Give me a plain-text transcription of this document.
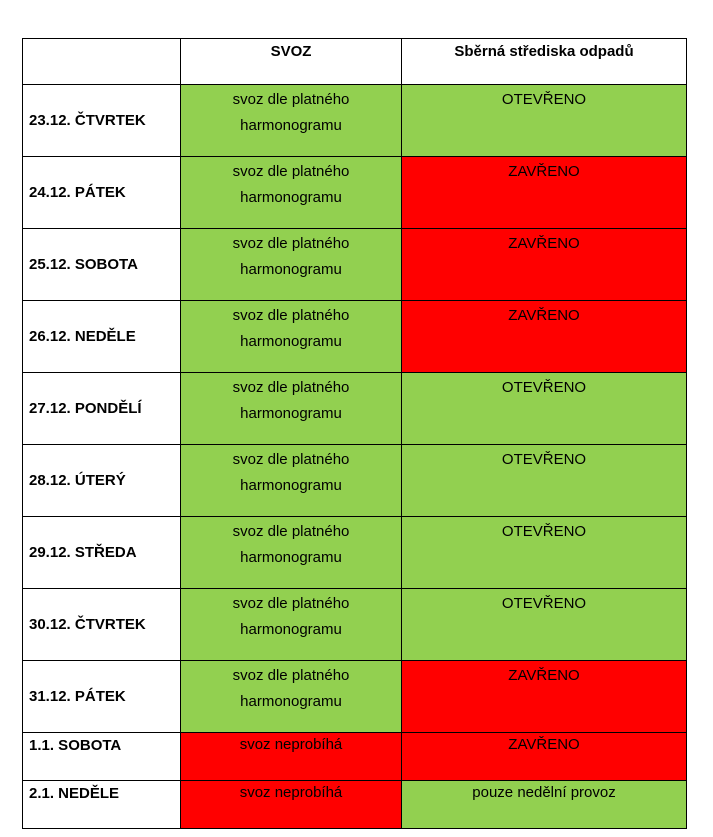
	SVOZ	Sběrná střediska odpadů
23.12. ČTVRTEK	svoz dle platného harmonogramu	OTEVŘENO
24.12. PÁTEK	svoz dle platného harmonogramu	ZAVŘENO
25.12. SOBOTA	svoz dle platného harmonogramu	ZAVŘENO
26.12. NEDĚLE	svoz dle platného harmonogramu	ZAVŘENO
27.12. PONDĚLÍ	svoz dle platného harmonogramu	OTEVŘENO
28.12. ÚTERÝ	svoz dle platného harmonogramu	OTEVŘENO
29.12. STŘEDA	svoz dle platného harmonogramu	OTEVŘENO
30.12. ČTVRTEK	svoz dle platného harmonogramu	OTEVŘENO
31.12. PÁTEK	svoz dle platného harmonogramu	ZAVŘENO
1.1. SOBOTA	svoz neprobíhá	ZAVŘENO
2.1. NEDĚLE	svoz neprobíhá	pouze nedělní provoz
